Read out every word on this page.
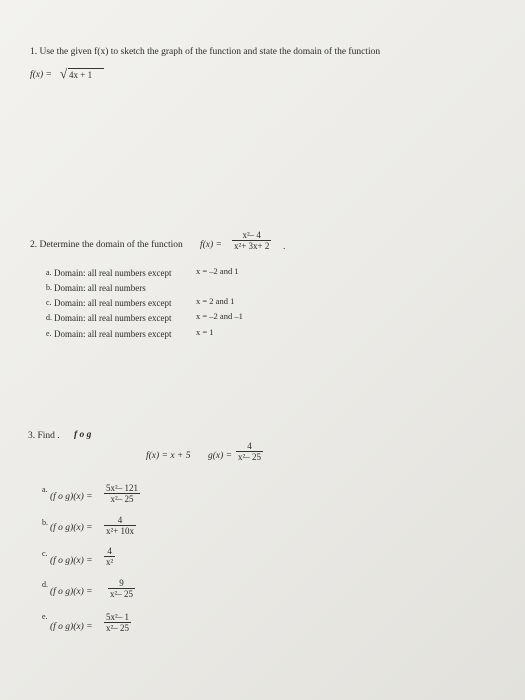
1. Use the given f(x) to sketch the graph of the function and state the domain of the function
f(x) = √ 4x + 1
2. Determine the domain of the function $f(x) = \frac{\text{x²– 4}}{\text{x²+ 3x+ 2}}$ .
a. Domain: all real numbers except	x = –2 and 1
b. Domain: all real numbers
c. Domain: all real numbers except	x = 2 and 1
d. Domain: all real numbers except	x = –2 and –1
e. Domain: all real numbers except	x = 1
3. Find . f o g
f(x) = x + 5 $g(x) = \frac{4}{\text{x²– 25}}$
a.
(f o $g)(x) = \frac{\text{5x²– 121}}{\text{x²– 25}}$
b.
(f o $g)(x) = \frac{4}{\text{x²+ 10x}}$
c.
(f o $g)(x) = \frac{4}{\text{x²}}$
d.
(f o $g)(x) = \frac{9}{\text{x²– 25}}$
e.
(f o $g)(x) = \frac{\text{5x²– 1}}{\text{x²– 25}}$
